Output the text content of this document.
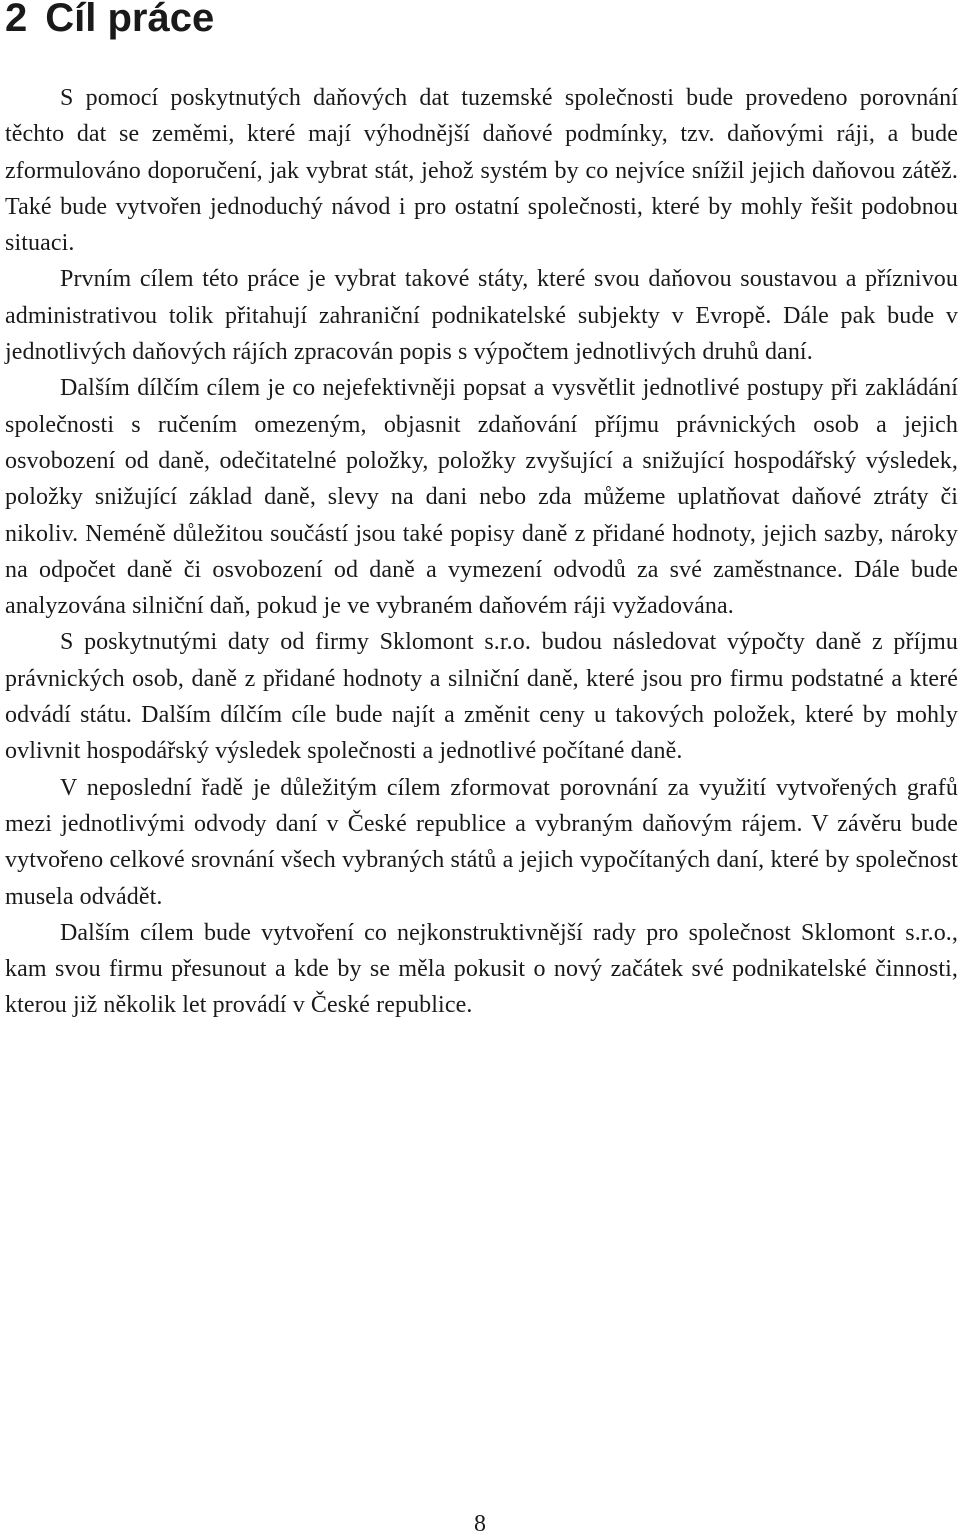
2 Cíl práce

S pomocí poskytnutých daňových dat tuzemské společnosti bude provedeno porovnání těchto dat se zeměmi, které mají výhodnější daňové podmínky, tzv. daňovými ráji, a bude zformulováno doporučení, jak vybrat stát, jehož systém by co nejvíce snížil jejich daňovou zátěž. Také bude vytvořen jednoduchý návod i pro ostatní společnosti, které by mohly řešit podobnou situaci.

Prvním cílem této práce je vybrat takové státy, které svou daňovou soustavou a příznivou administrativou tolik přitahují zahraniční podnikatelské subjekty v Evropě. Dále pak bude v jednotlivých daňových rájích zpracován popis s výpočtem jednotlivých druhů daní.

Dalším dílčím cílem je co nejefektivněji popsat a vysvětlit jednotlivé postupy při zakládání společnosti s ručením omezeným, objasnit zdaňování příjmu právnických osob a jejich osvobození od daně, odečitatelné položky, položky zvyšující a snižující hospodářský výsledek, položky snižující základ daně, slevy na dani nebo zda můžeme uplatňovat daňové ztráty či nikoliv. Neméně důležitou součástí jsou také popisy daně z přidané hodnoty, jejich sazby, nároky na odpočet daně či osvobození od daně a vymezení odvodů za své zaměstnance. Dále bude analyzována silniční daň, pokud je ve vybraném daňovém ráji vyžadována.

S poskytnutými daty od firmy Sklomont s.r.o. budou následovat výpočty daně z příjmu právnických osob, daně z přidané hodnoty a silniční daně, které jsou pro firmu podstatné a které odvádí státu. Dalším dílčím cíle bude najít a změnit ceny u takových položek, které by mohly ovlivnit hospodářský výsledek společnosti a jednotlivé počítané daně.

V neposlední řadě je důležitým cílem zformovat porovnání za využití vytvořených grafů mezi jednotlivými odvody daní v České republice a vybraným daňovým rájem. V závěru bude vytvořeno celkové srovnání všech vybraných států a jejich vypočítaných daní, které by společnost musela odvádět.

Dalším cílem bude vytvoření co nejkonstruktivnější rady pro společnost Sklomont s.r.o., kam svou firmu přesunout a kde by se měla pokusit o nový začátek své podnikatelské činnosti, kterou již několik let provádí v České republice.

8
